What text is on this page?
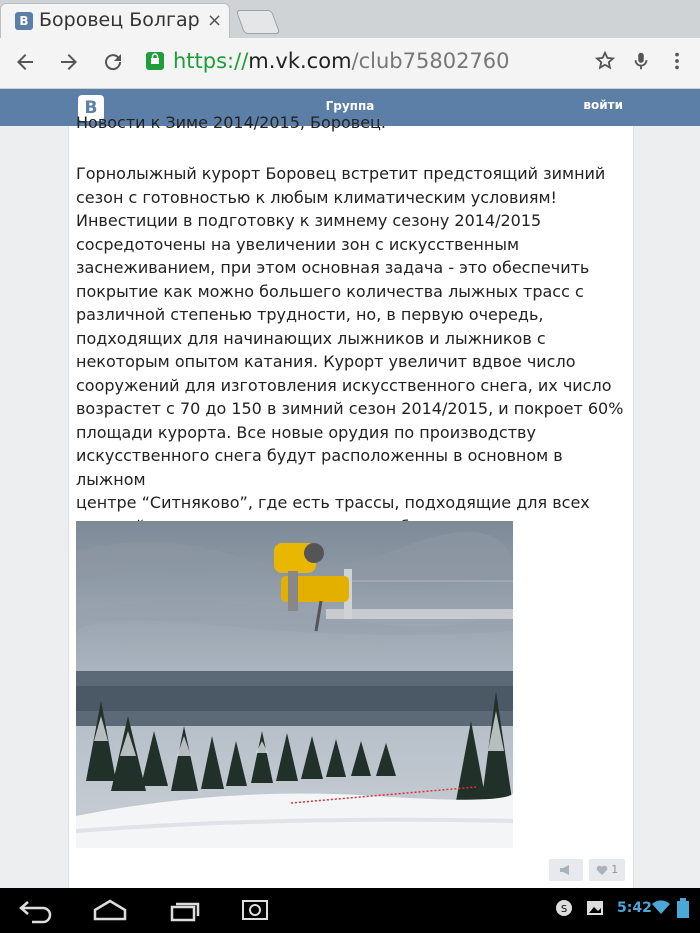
В Боровец Болгар ×
https://m.vk.com/club75802760
В	Группа	войти
Новости к Зиме 2014/2015, Боровец.
Горнолыжный курорт Боровец встретит предстоящий зимний
сезон с готовностью к любым климатическим условиям!
Инвестиции в подготовку к зимнему сезону 2014/2015
сосредоточены на увеличении зон с искусственным
заснеживанием, при этом основная задача - это обеспечить
покрытие как можно большего количества лыжных трасс с
различной степенью трудности, но, в первую очередь,
подходящих для начинающих лыжников и лыжников с
некоторым опытом катания. Курорт увеличит вдвое число
сооружений для изготовления искусственного снега, их число
возрастет с 70 до 150 в зимний сезон 2014/2015, и покроет 60%
площади курорта. Все новые орудия по производству
искусственного снега будут расположенны в основном в лыжном
центре “Ситняково”, где есть трассы, подходящие для всех

1
S	5:42
